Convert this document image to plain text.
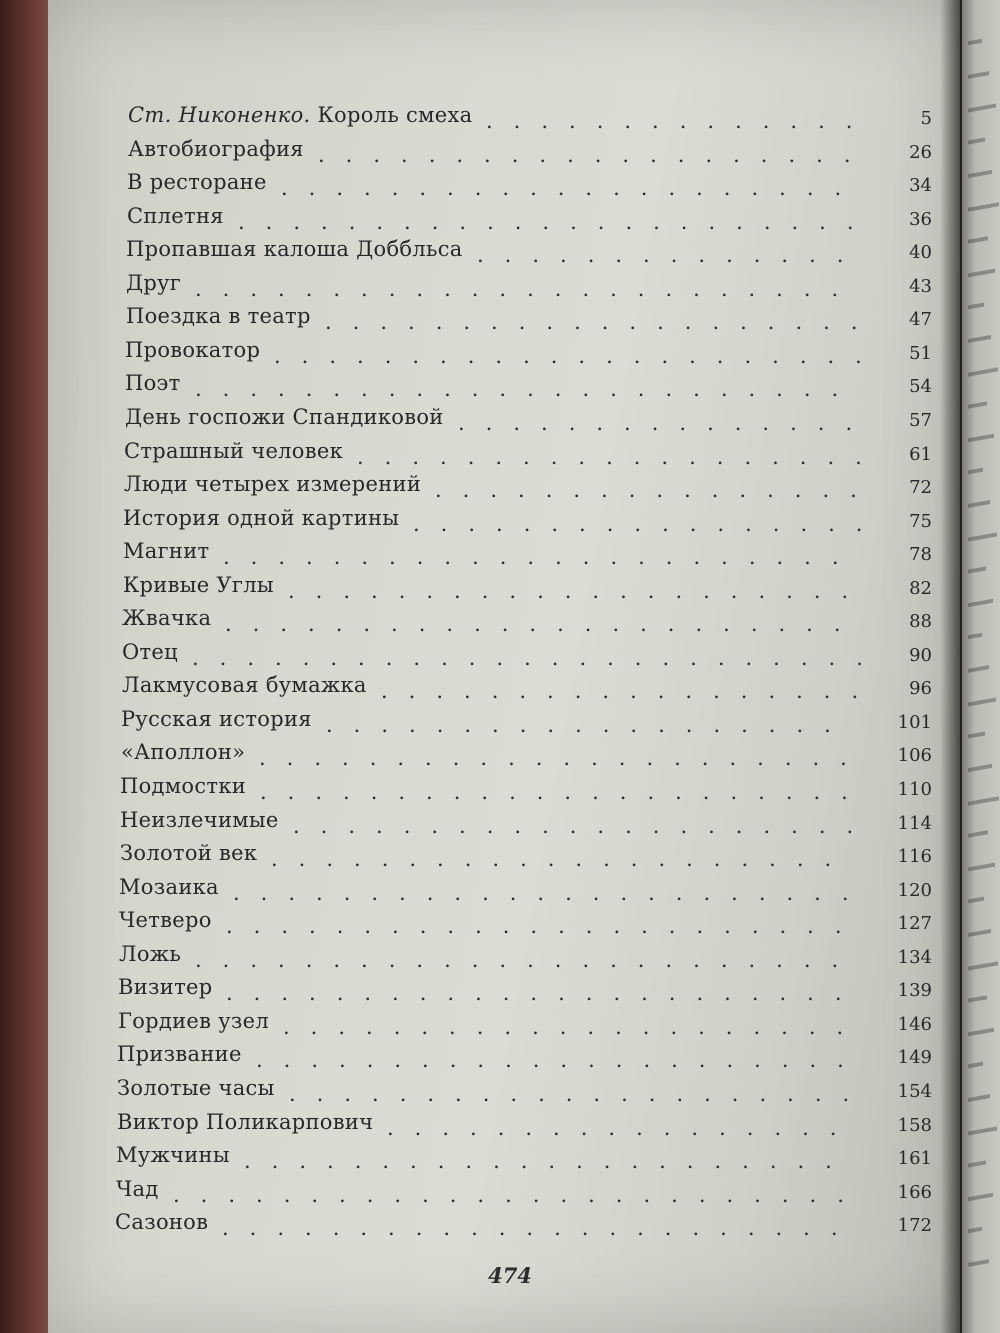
Ст. Никоненко. Король смеха ..............	5
Автобиография ....................	26
В ресторане .....................	34
Сплетня .......................	36
Пропавшая калоша Доббльса ..............	40
Друг ........................	43
Поездка в театр ....................	47
Провокатор ......................	51
Поэт ........................	54
День госпожи Спандиковой ...............	57
Страшный человек ...................	61
Люди четырех измерений ................	72
История одной картины .................	75
Магнит .......................	78
Кривые Углы .....................	82
Жвачка .......................	88
Отец .........................	90
Лакмусовая бумажка ..................	96
Русская история ...................	101
«Аполлон» ......................	106
Подмостки ......................	110
Неизлечимые .....................	114
Золотой век .....................	116
Мозаика .......................	120
Четверо .......................	127
Ложь ........................	134
Визитер .......................	139
Гордиев узел .....................	146
Призвание ......................	149
Золотые часы .....................	154
Виктор Поликарпович .................	158
Мужчины ......................	161
Чад .........................	166
Сазонов .......................	172
474
